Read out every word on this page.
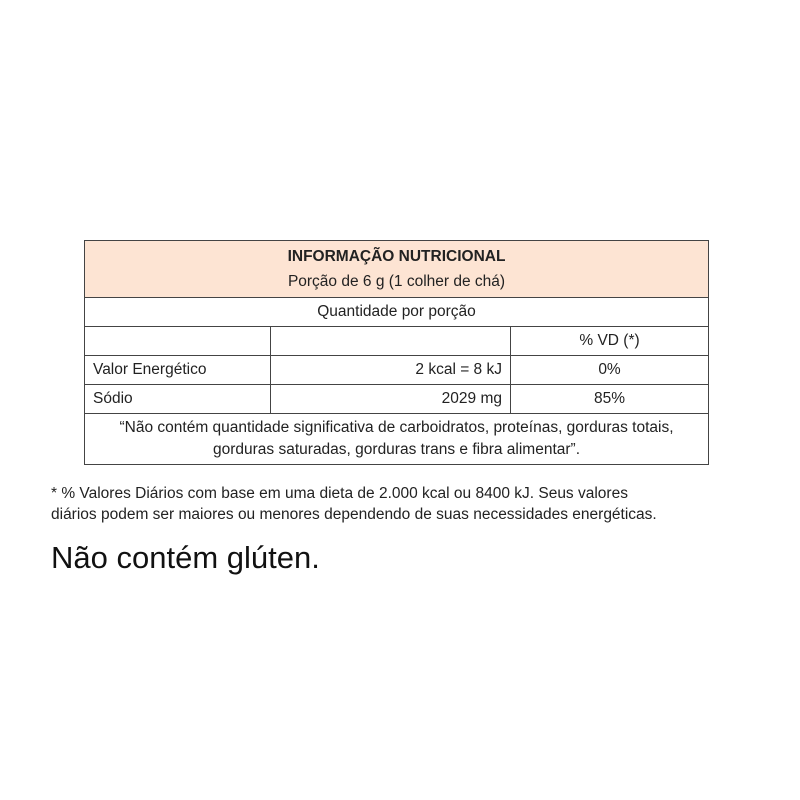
INFORMAÇÃO NUTRICIONAL
Porção de 6 g (1 colher de chá)		

Quantidade por porção		
		% VD (*)
Valor Energético	2 kcal = 8 kJ	0%
Sódio	2029 mg	85%
“Não contém quantidade significativa de carboidratos, proteínas, gorduras totais, gorduras saturadas, gorduras trans e fibra alimentar”.		
* % Valores Diários com base em uma dieta de 2.000 kcal ou 8400 kJ. Seus valores
diários podem ser maiores ou menores dependendo de suas necessidades energéticas.
Não contém glúten.
